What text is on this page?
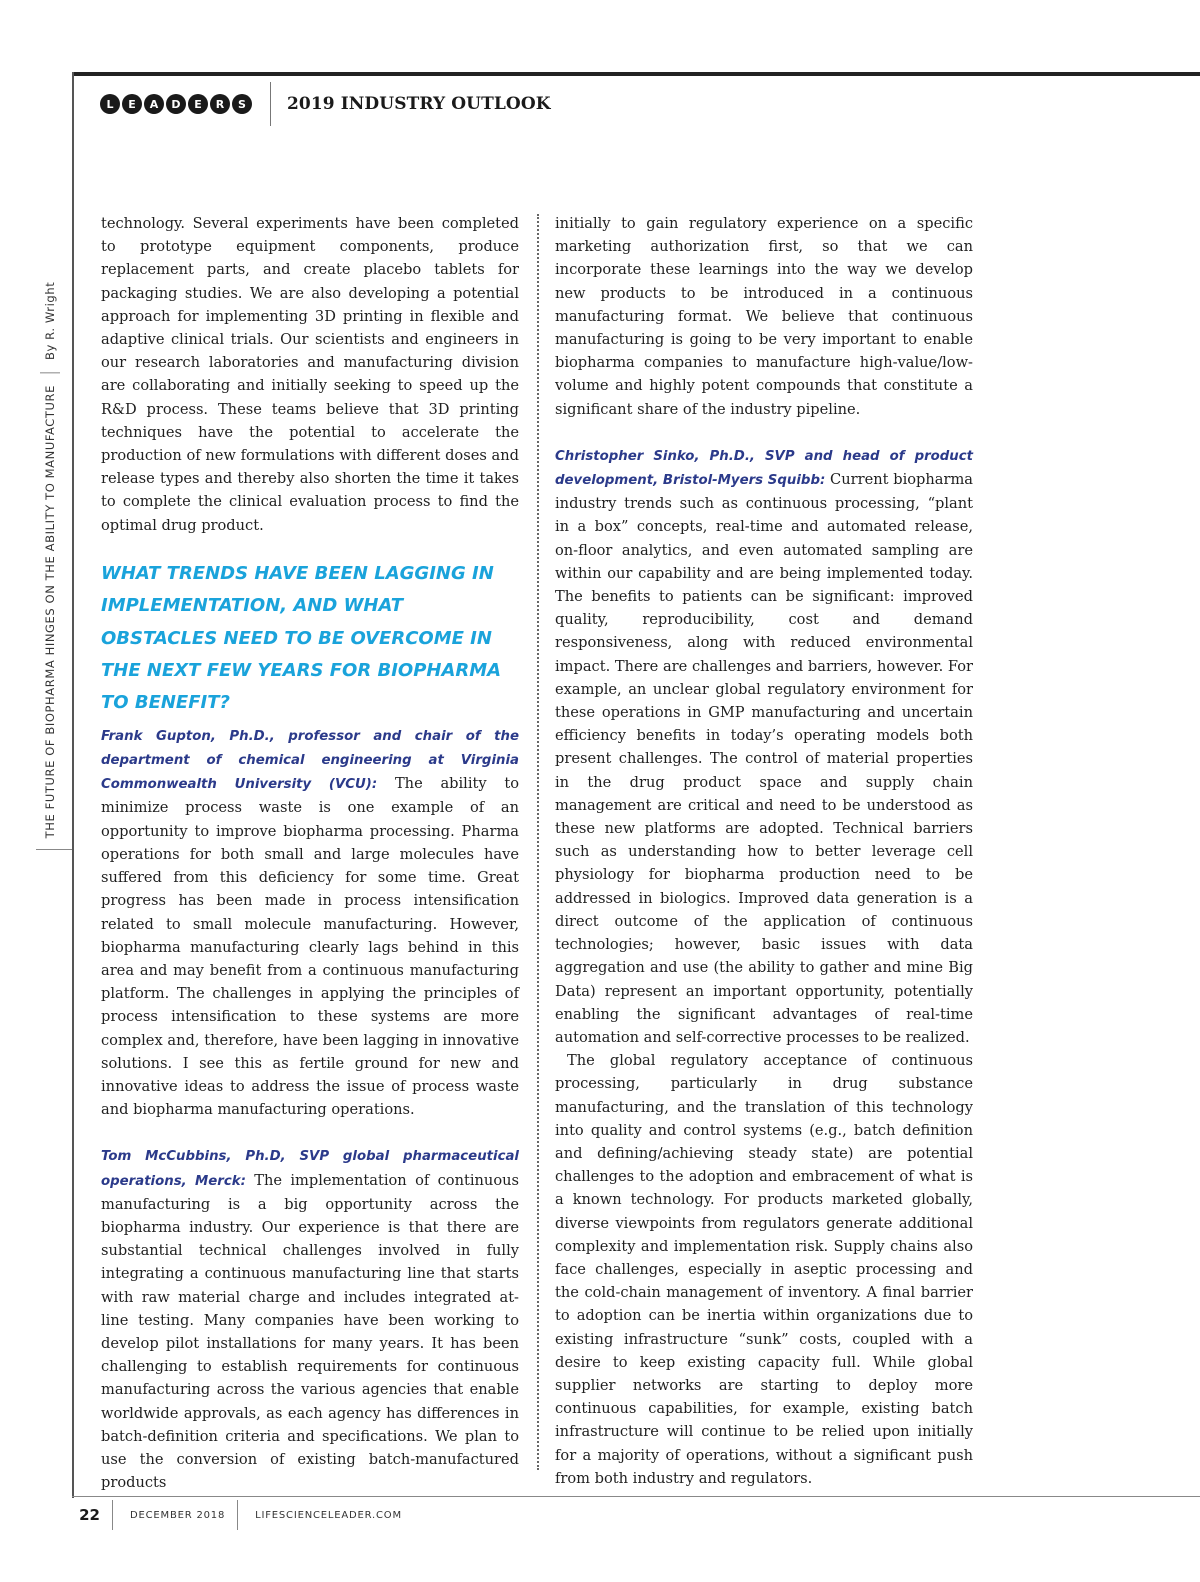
L	E	A	D	E	R	S	2019 INDUSTRY OUTLOOK
THE FUTURE OF BIOPHARMA HINGES ON THE ABILITY TO MANUFACTURE
By R. Wright

technology. Several experiments have been completed to prototype equipment components, produce replacement parts, and create placebo tablets for packaging studies. We are also developing a potential approach for implementing 3D printing in flexible and adaptive clinical trials. Our scientists and engineers in our research laboratories and manufacturing division are collaborating and initially seeking to speed up the R&D process. These teams believe that 3D printing techniques have the potential to accelerate the production of new formulations with different doses and release types and thereby also shorten the time it takes to complete the clinical evaluation process to find the optimal drug product.

WHAT TRENDS HAVE BEEN LAGGING IN IMPLEMENTATION, AND WHAT OBSTACLES NEED TO BE OVERCOME IN THE NEXT FEW YEARS FOR BIOPHARMA TO BENEFIT?

Frank Gupton, Ph.D., professor and chair of the department of chemical engineering at Virginia Commonwealth University (VCU): The ability to minimize process waste is one example of an opportunity to improve biopharma processing. Pharma operations for both small and large molecules have suffered from this deficiency for some time. Great progress has been made in process intensification related to small molecule manufacturing. However, biopharma manufacturing clearly lags behind in this area and may benefit from a continuous manufacturing platform. The challenges in applying the principles of process intensification to these systems are more complex and, therefore, have been lagging in innovative solutions. I see this as fertile ground for new and innovative ideas to address the issue of process waste and biopharma manufacturing operations.

Tom McCubbins, Ph.D, SVP global pharmaceutical operations, Merck: The implementation of continuous manufacturing is a big opportunity across the biopharma industry. Our experience is that there are substantial technical challenges involved in fully integrating a continuous manufacturing line that starts with raw material charge and includes integrated at-line testing. Many companies have been working to develop pilot installations for many years. It has been challenging to establish requirements for continuous manufacturing across the various agencies that enable worldwide approvals, as each agency has differences in batch-definition criteria and specifications. We plan to use the conversion of existing batch-manufactured products

initially to gain regulatory experience on a specific marketing authorization first, so that we can incorporate these learnings into the way we develop new products to be introduced in a continuous manufacturing format. We believe that continuous manufacturing is going to be very important to enable biopharma companies to manufacture high-value/low-volume and highly potent compounds that constitute a significant share of the industry pipeline.

Christopher Sinko, Ph.D., SVP and head of product development, Bristol-Myers Squibb: Current biopharma industry trends such as continuous processing, “plant in a box” concepts, real-time and automated release, on-floor analytics, and even automated sampling are within our capability and are being implemented today. The benefits to patients can be significant: improved quality, reproducibility, cost and demand responsiveness, along with reduced environmental impact. There are challenges and barriers, however. For example, an unclear global regulatory environment for these operations in GMP manufacturing and uncertain efficiency benefits in today’s operating models both present challenges. The control of material properties in the drug product space and supply chain management are critical and need to be understood as these new platforms are adopted. Technical barriers such as understanding how to better leverage cell physiology for biopharma production need to be addressed in biologics. Improved data generation is a direct outcome of the application of continuous technologies; however, basic issues with data aggregation and use (the ability to gather and mine Big Data) represent an important opportunity, potentially enabling the significant advantages of real-time automation and self-corrective processes to be realized.

The global regulatory acceptance of continuous processing, particularly in drug substance manufacturing, and the translation of this technology into quality and control systems (e.g., batch definition and defining/achieving steady state) are potential challenges to the adoption and embracement of what is a known technology. For products marketed globally, diverse viewpoints from regulators generate additional complexity and implementation risk. Supply chains also face challenges, especially in aseptic processing and the cold-chain management of inventory. A final barrier to adoption can be inertia within organizations due to existing infrastructure “sunk” costs, coupled with a desire to keep existing capacity full. While global supplier networks are starting to deploy more continuous capabilities, for example, existing batch infrastructure will continue to be relied upon initially for a majority of operations, without a significant push from both industry and regulators.

22	DECEMBER 2018	LIFESCIENCELEADER.COM
